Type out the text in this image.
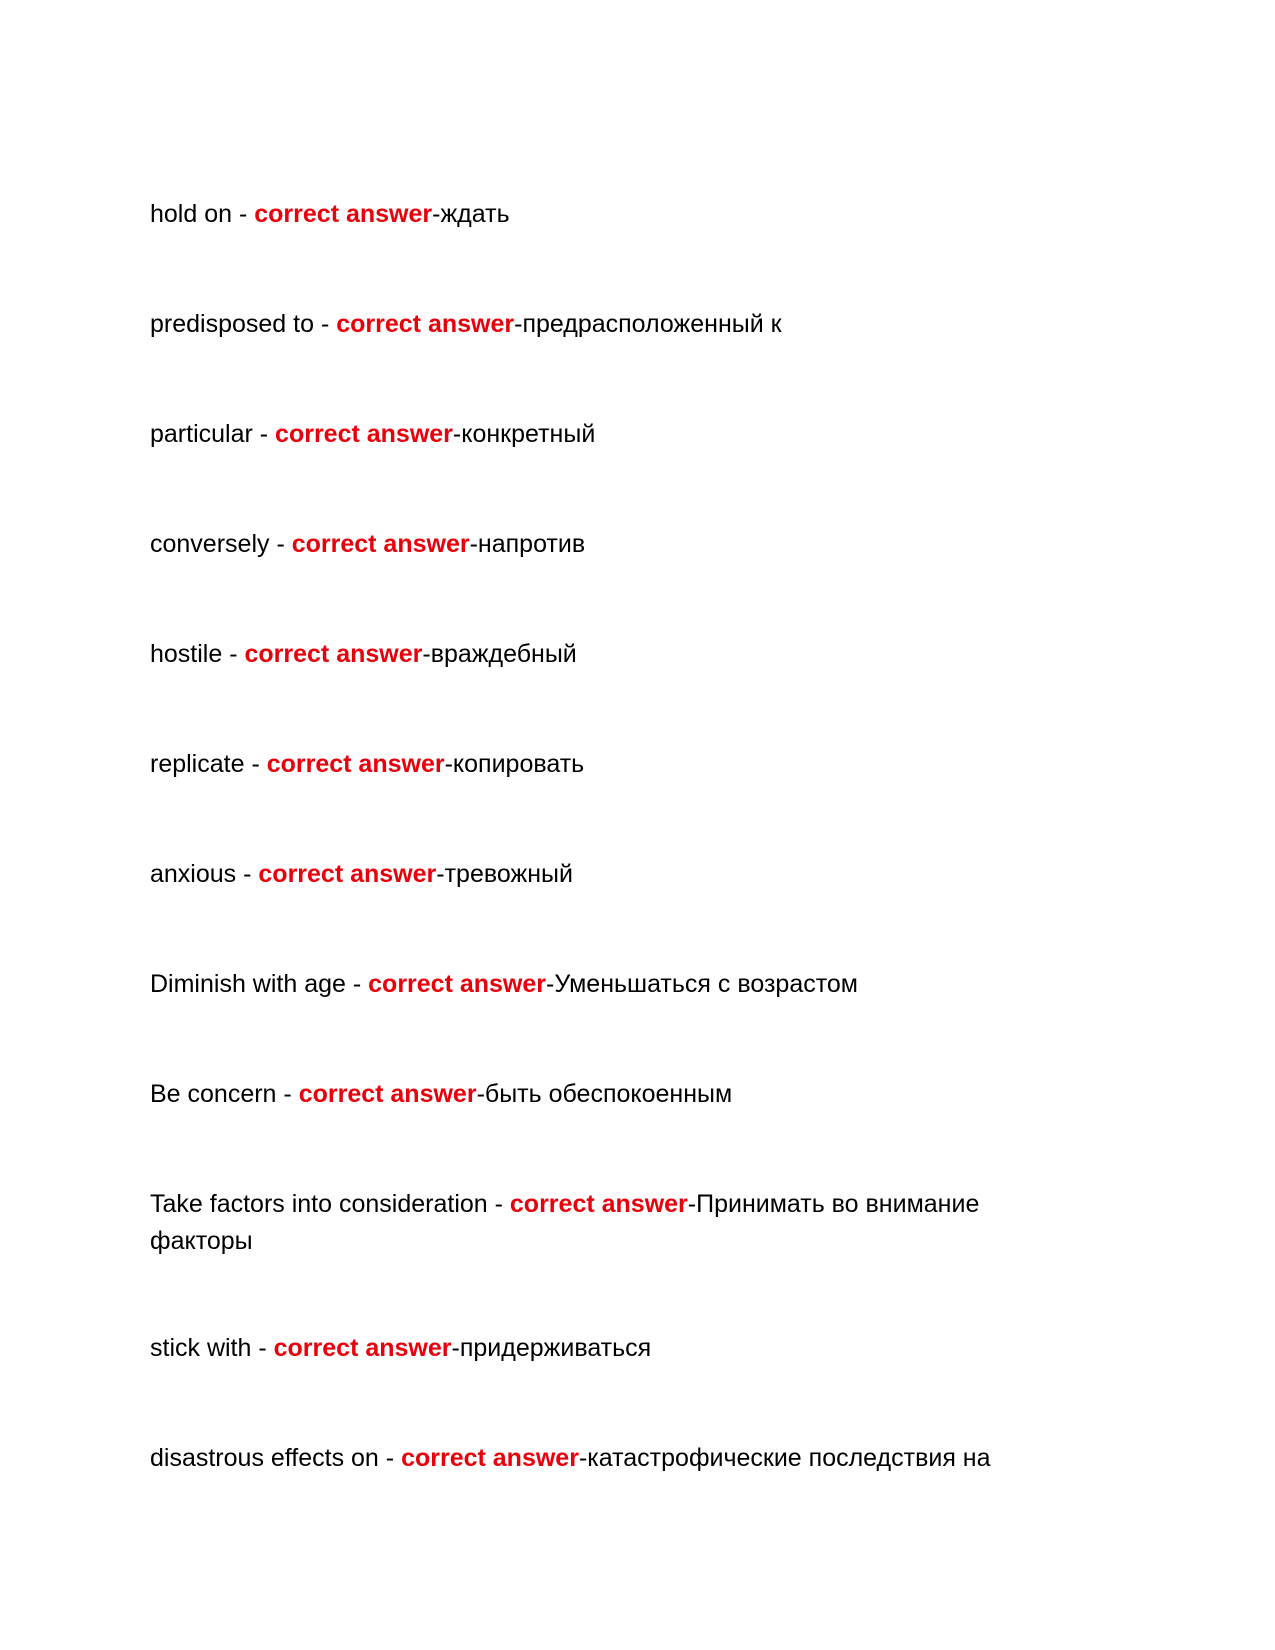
hold on - correct answer-ждать
predisposed to - correct answer-предрасположенный к
particular - correct answer-конкретный
conversely - correct answer-напротив
hostile - correct answer-враждебный
replicate - correct answer-копировать
anxious - correct answer-тревожный
Diminish with age - correct answer-Уменьшаться с возрастом
Be concern - correct answer-быть обеспокоенным
Take factors into consideration - correct answer-Принимать во внимание факторы
stick with - correct answer-придерживаться
disastrous effects on - correct answer-катастрофические последствия на
